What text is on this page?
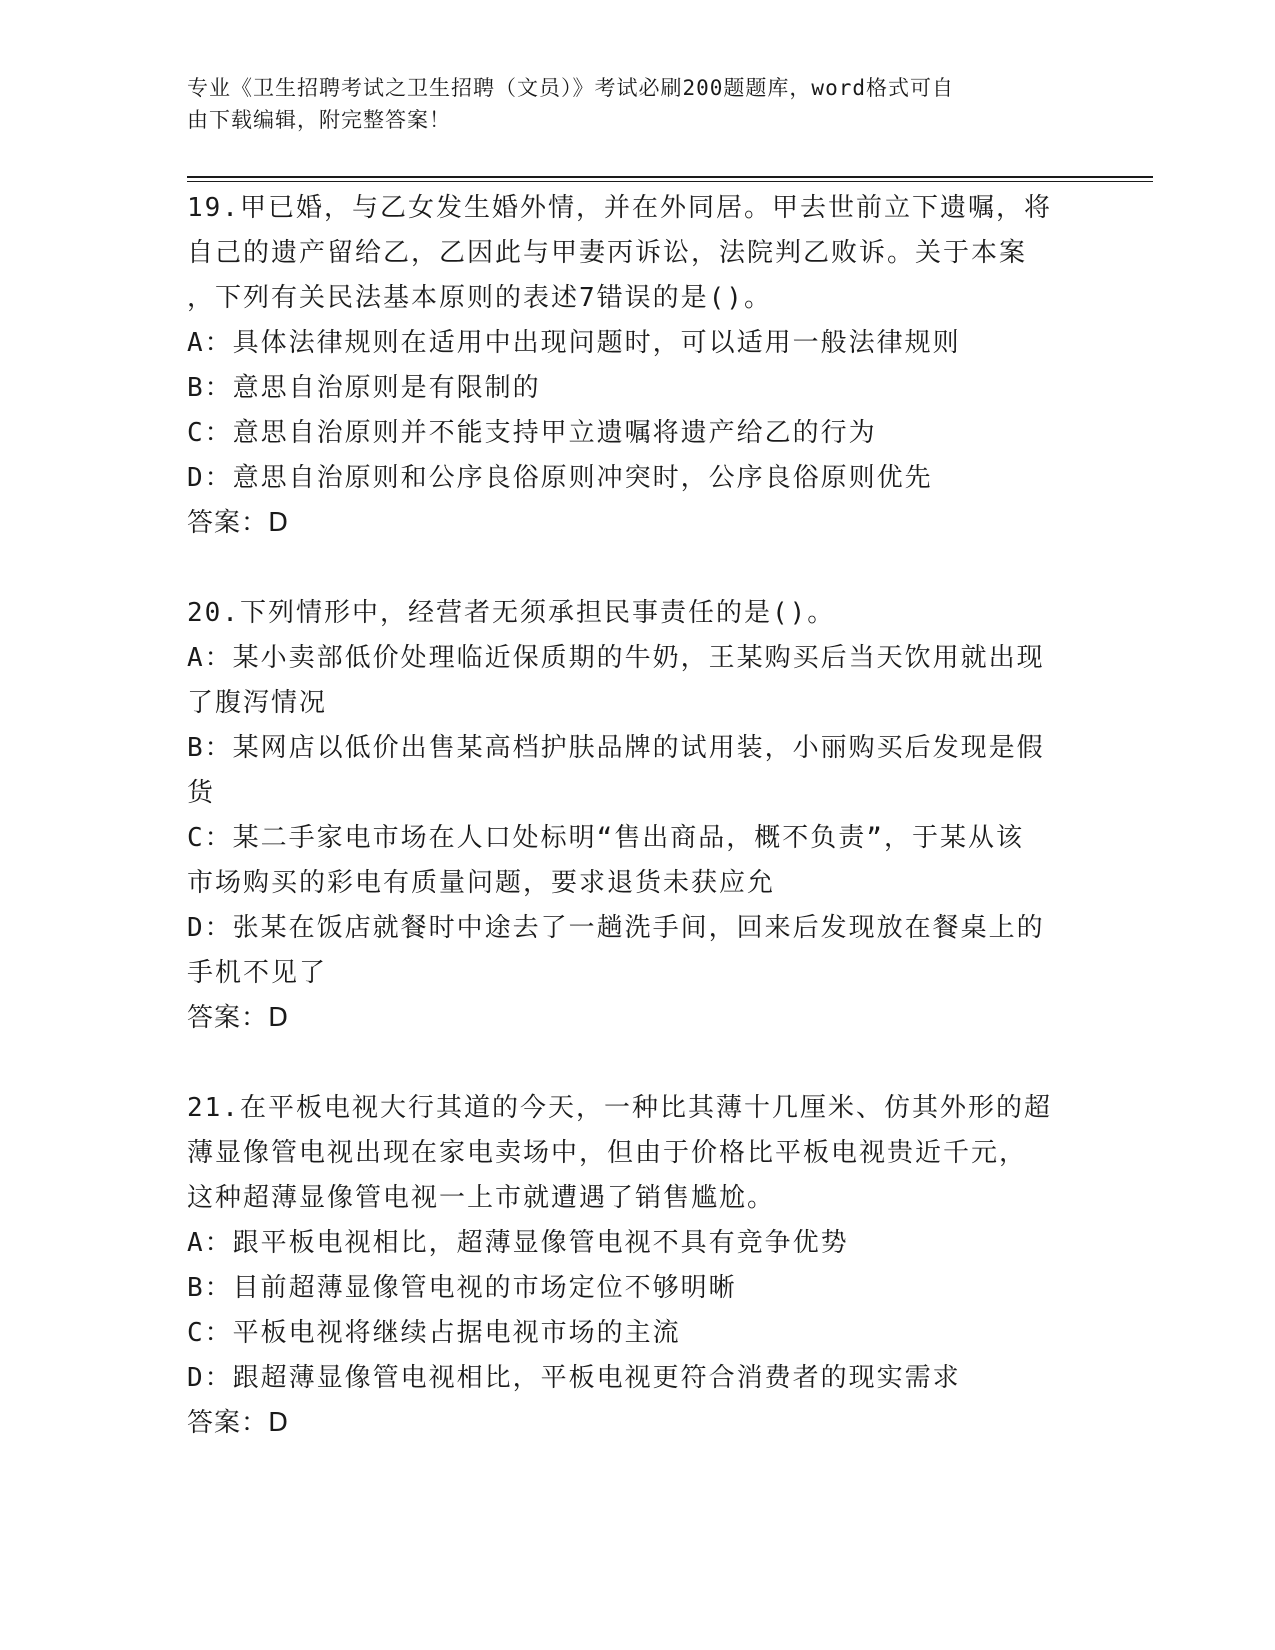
专业《卫生招聘考试之卫生招聘（文员）》考试必刷200题题库，word格式可自
由下载编辑，附完整答案！

19.甲已婚，与乙女发生婚外情，并在外同居。甲去世前立下遗嘱，将

自己的遗产留给乙，乙因此与甲妻丙诉讼，法院判乙败诉。关于本案

，下列有关民法基本原则的表述7错误的是()。

A：具体法律规则在适用中出现问题时，可以适用一般法律规则

B：意思自治原则是有限制的

C：意思自治原则并不能支持甲立遗嘱将遗产给乙的行为

D：意思自治原则和公序良俗原则冲突时，公序良俗原则优先

答案：D

20.下列情形中，经营者无须承担民事责任的是()。

A：某小卖部低价处理临近保质期的牛奶，王某购买后当天饮用就出现

了腹泻情况

B：某网店以低价出售某高档护肤品牌的试用装，小丽购买后发现是假

货

C：某二手家电市场在人口处标明“售出商品，概不负责”，于某从该

市场购买的彩电有质量问题，要求退货未获应允

D：张某在饭店就餐时中途去了一趟洗手间，回来后发现放在餐桌上的

手机不见了

答案：D

21.在平板电视大行其道的今天，一种比其薄十几厘米、仿其外形的超

薄显像管电视出现在家电卖场中，但由于价格比平板电视贵近千元，

这种超薄显像管电视一上市就遭遇了销售尴尬。

A：跟平板电视相比，超薄显像管电视不具有竞争优势

B：目前超薄显像管电视的市场定位不够明晰

C：平板电视将继续占据电视市场的主流

D：跟超薄显像管电视相比，平板电视更符合消费者的现实需求

答案：D
